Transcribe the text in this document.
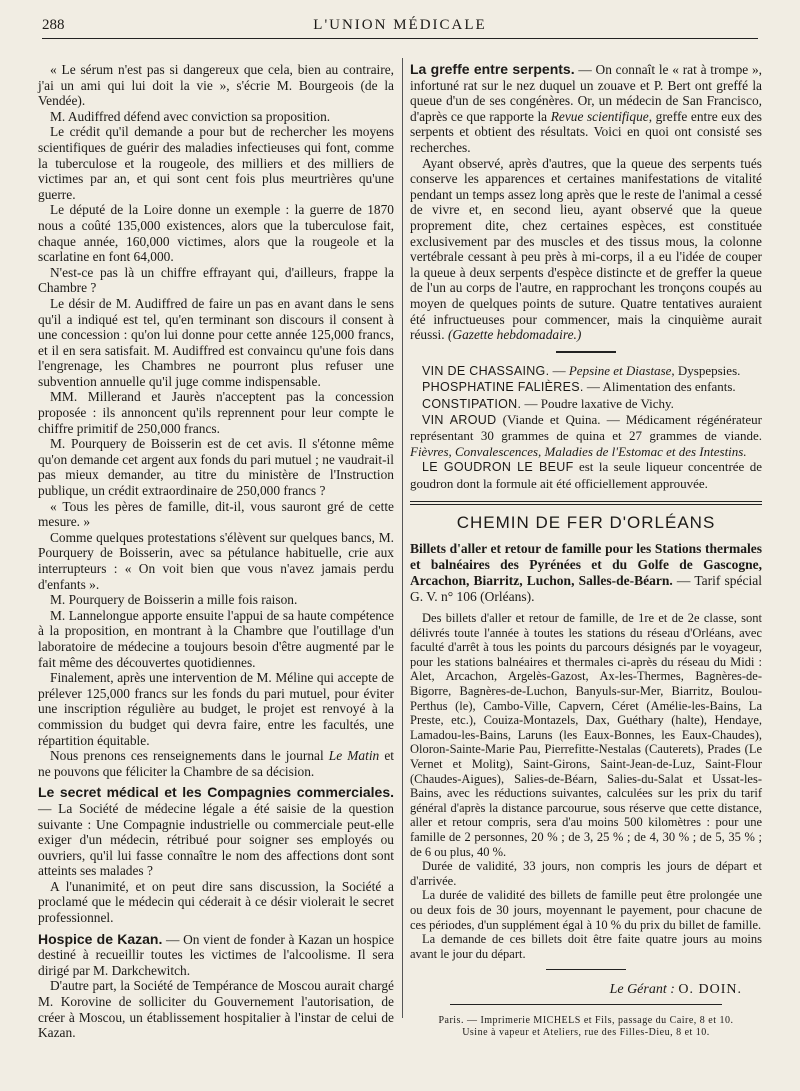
288	L'UNION MÉDICALE

« Le sérum n'est pas si dangereux que cela, bien au contraire, j'ai un ami qui lui doit la vie », s'écrie M. Bourgeois (de la Vendée).

M. Audiffred défend avec conviction sa proposition.

Le crédit qu'il demande a pour but de rechercher les moyens scientifiques de guérir des maladies infectieuses qui font, comme la tuberculose et la rougeole, des milliers et des milliers de victimes par an, et qui sont cent fois plus meurtrières qu'une guerre.

Le député de la Loire donne un exemple : la guerre de 1870 nous a coûté 135,000 existences, alors que la tuberculose fait, chaque année, 160,000 victimes, alors que la rougeole et la scarlatine en font 64,000.

N'est-ce pas là un chiffre effrayant qui, d'ailleurs, frappe la Chambre ?

Le désir de M. Audiffred de faire un pas en avant dans le sens qu'il a indiqué est tel, qu'en terminant son discours il consent à une concession : qu'on lui donne pour cette année 125,000 francs, et il en sera satisfait. M. Audiffred est convaincu qu'une fois dans l'engrenage, les Chambres ne pourront plus refuser une subvention annuelle qu'il juge comme indispensable.

MM. Millerand et Jaurès n'acceptent pas la concession proposée : ils annoncent qu'ils reprennent pour leur compte le chiffre primitif de 250,000 francs.

M. Pourquery de Boisserin est de cet avis. Il s'étonne même qu'on demande cet argent aux fonds du pari mutuel ; ne vaudrait-il pas mieux demander, au titre du ministère de l'Instruction publique, un crédit extraordinaire de 250,000 francs ?

« Tous les pères de famille, dit-il, vous sauront gré de cette mesure. »

Comme quelques protestations s'élèvent sur quelques bancs, M. Pourquery de Boisserin, avec sa pétulance habituelle, crie aux interrupteurs : « On voit bien que vous n'avez jamais perdu d'enfants ».

M. Pourquery de Boisserin a mille fois raison.

M. Lannelongue apporte ensuite l'appui de sa haute compétence à la proposition, en montrant à la Chambre que l'outillage d'un laboratoire de médecine a toujours besoin d'être augmenté par le fait même des découvertes quotidiennes.

Finalement, après une intervention de M. Méline qui accepte de prélever 125,000 francs sur les fonds du pari mutuel, pour éviter une inscription régulière au budget, le projet est renvoyé à la commission du budget qui devra faire, entre les facultés, une répartition équitable.

Nous prenons ces renseignements dans le journal Le Matin et ne pouvons que féliciter la Chambre de sa décision.

Le secret médical et les Compagnies commerciales. — La Société de médecine légale a été saisie de la question suivante : Une Compagnie industrielle ou commerciale peut-elle exiger d'un médecin, rétribué pour soigner ses employés ou ouvriers, qu'il lui fasse connaître le nom des affections dont sont atteints ses malades ?

A l'unanimité, et on peut dire sans discussion, la Société a proclamé que le médecin qui céderait à ce désir violerait le secret professionnel.

Hospice de Kazan. — On vient de fonder à Kazan un hospice destiné à recueillir toutes les victimes de l'alcoolisme. Il sera dirigé par M. Darkchewitch.

D'autre part, la Société de Tempérance de Moscou aurait chargé M. Korovine de solliciter du Gouvernement l'autorisation, de créer à Moscou, un établissement hospitalier à l'instar de celui de Kazan.

La greffe entre serpents. — On connaît le « rat à trompe », infortuné rat sur le nez duquel un zouave et P. Bert ont greffé la queue d'un de ses congénères. Or, un médecin de San Francisco, d'après ce que rapporte la Revue scientifique, greffe entre eux des serpents et obtient des résultats. Voici en quoi ont consisté ses recherches.

Ayant observé, après d'autres, que la queue des serpents tués conserve les apparences et certaines manifestations de vitalité pendant un temps assez long après que le reste de l'animal a cessé de vivre et, en second lieu, ayant observé que la queue proprement dite, chez certaines espèces, est constituée exclusivement par des muscles et des tissus mous, la colonne vertébrale cessant à peu près à mi-corps, il a eu l'idée de couper la queue à deux serpents d'espèce distincte et de greffer la queue de l'un au corps de l'autre, en rapprochant les tronçons coupés au moyen de quelques points de suture. Quatre tentatives auraient été infructueuses pour commencer, mais la cinquième aurait réussi. (Gazette hebdomadaire.)

VIN DE CHASSAING. — Pepsine et Diastase, Dyspepsies.

PHOSPHATINE FALIÈRES. — Alimentation des enfants.

CONSTIPATION. — Poudre laxative de Vichy.

VIN AROUD (Viande et Quina. — Médicament régénérateur représentant 30 grammes de quina et 27 grammes de viande. Fièvres, Convalescences, Maladies de l'Estomac et des Intestins.

LE GOUDRON LE BEUF est la seule liqueur concentrée de goudron dont la formule ait été officiellement approuvée.

CHEMIN DE FER D'ORLÉANS

Billets d'aller et retour de famille pour les Stations thermales et balnéaires des Pyrénées et du Golfe de Gascogne, Arcachon, Biarritz, Luchon, Salles-de-Béarn. — Tarif spécial G. V. n° 106 (Orléans).

Des billets d'aller et retour de famille, de 1re et de 2e classe, sont délivrés toute l'année à toutes les stations du réseau d'Orléans, avec faculté d'arrêt à tous les points du parcours désignés par le voyageur, pour les stations balnéaires et thermales ci-après du réseau du Midi : Alet, Arcachon, Argelès-Gazost, Ax-les-Thermes, Bagnères-de-Bigorre, Bagnères-de-Luchon, Banyuls-sur-Mer, Biarritz, Boulou-Perthus (le), Cambo-Ville, Capvern, Céret (Amélie-les-Bains, La Preste, etc.), Couiza-Montazels, Dax, Guéthary (halte), Hendaye, Lamadou-les-Bains, Laruns (les Eaux-Bonnes, les Eaux-Chaudes), Oloron-Sainte-Marie Pau, Pierrefitte-Nestalas (Cauterets), Prades (Le Vernet et Molitg), Saint-Girons, Saint-Jean-de-Luz, Saint-Flour (Chaudes-Aigues), Salies-de-Béarn, Salies-du-Salat et Ussat-les-Bains, avec les réductions suivantes, calculées sur les prix du tarif général d'après la distance parcourue, sous réserve que cette distance, aller et retour compris, sera d'au moins 500 kilomètres : pour une famille de 2 personnes, 20 % ; de 3, 25 % ; de 4, 30 % ; de 5, 35 % ; de 6 ou plus, 40 %.

Durée de validité, 33 jours, non compris les jours de départ et d'arrivée.

La durée de validité des billets de famille peut être prolongée une ou deux fois de 30 jours, moyennant le payement, pour chacune de ces périodes, d'un supplément égal à 10 % du prix du billet de famille.

La demande de ces billets doit être faite quatre jours au moins avant le jour du départ.

Le Gérant : O. DOIN.
Paris. — Imprimerie MICHELS et Fils, passage du Caire, 8 et 10.
Usine à vapeur et Ateliers, rue des Filles-Dieu, 8 et 10.
